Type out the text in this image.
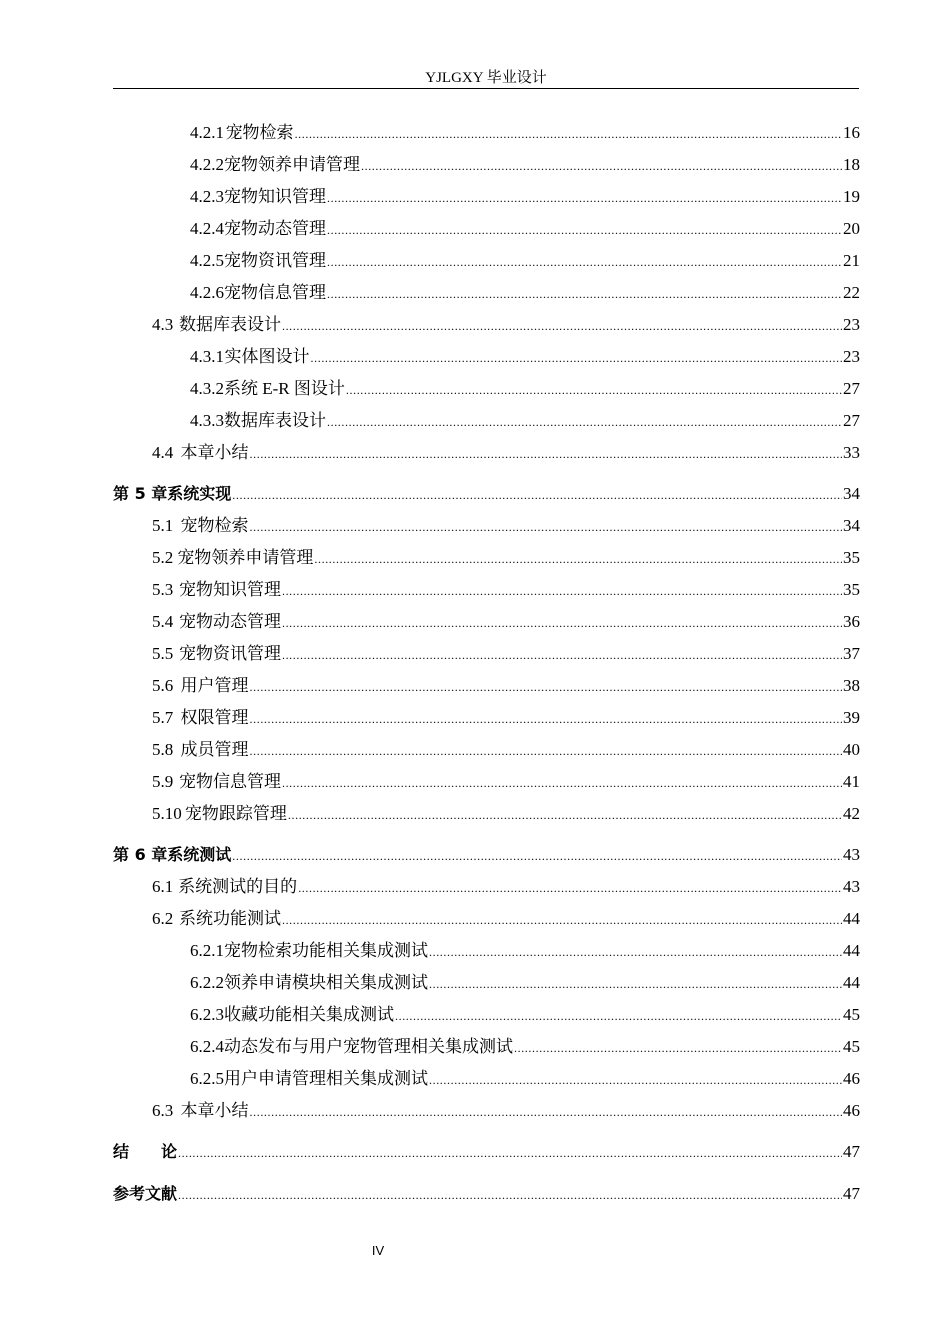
YJLGXY 毕业设计
4.2.1 宠物检索 .....	16
4.2.2 宠物领养申请管理 .....	18
4.2.3 宠物知识管理 .....	19
4.2.4 宠物动态管理 .....	20
4.2.5 宠物资讯管理 .....	21
4.2.6 宠物信息管理 .....	22
4.3 数据库表设计 .....	23
4.3.1 实体图设计 .....	23
4.3.2 系统 E-R 图设计 .....	27
4.3.3 数据库表设计 .....	27
4.4 本章小结 .....	33
第 5 章 系统实现 .....	34
5.1 宠物检索 .....	34
5.2 宠物领养申请管理 .....	35
5.3 宠物知识管理 .....	35
5.4 宠物动态管理 .....	36
5.5 宠物资讯管理 .....	37
5.6 用户管理 .....	38
5.7 权限管理 .....	39
5.8 成员管理 .....	40
5.9 宠物信息管理 .....	41
5.10 宠物跟踪管理 .....	42
第 6 章 系统测试 .....	43
6.1 系统测试的目的 .....	43
6.2 系统功能测试 .....	44
6.2.1 宠物检索功能相关集成测试 .....	44
6.2.2 领养申请模块相关集成测试 .....	44
6.2.3 收藏功能相关集成测试 .....	45
6.2.4 动态发布与用户宠物管理相关集成测试 .....	45
6.2.5 用户申请管理相关集成测试 .....	46
6.3 本章小结 .....	46
结　　论 .....	47
参考文献 .....	47
IV
